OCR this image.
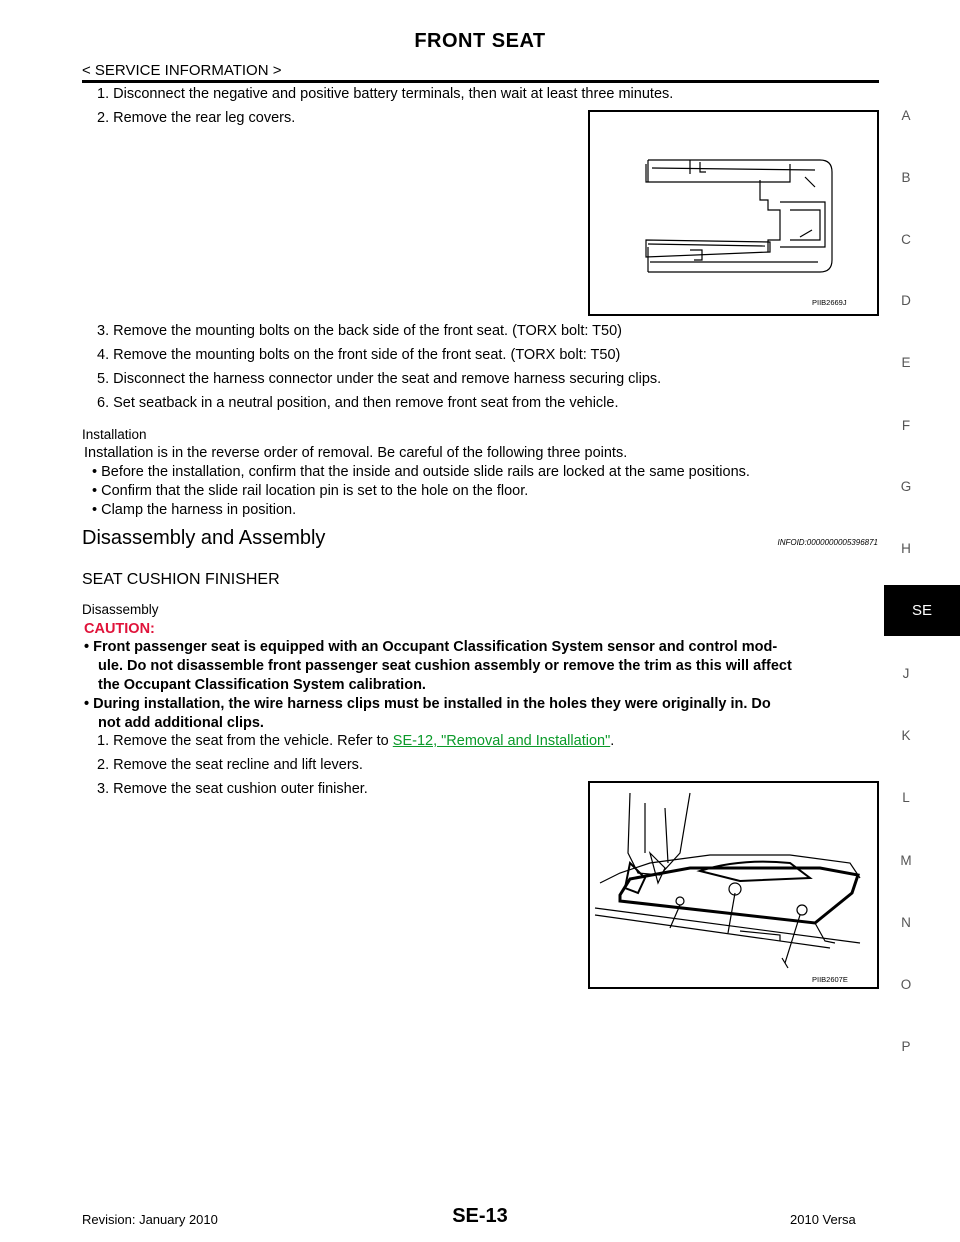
FRONT SEAT
< SERVICE INFORMATION >
1. Disconnect the negative and positive battery terminals, then wait at least three minutes.
2. Remove the rear leg covers.
PIIB2669J
3. Remove the mounting bolts on the back side of the front seat. (TORX bolt: T50)
4. Remove the mounting bolts on the front side of the front seat. (TORX bolt: T50)
5. Disconnect the harness connector under the seat and remove harness securing clips.
6. Set seatback in a neutral position, and then remove front seat from the vehicle.
Installation
Installation is in the reverse order of removal. Be careful of the following three points.
• Before the installation, confirm that the inside and outside slide rails are locked at the same positions.
• Confirm that the slide rail location pin is set to the hole on the floor.
• Clamp the harness in position.
Disassembly and Assembly	INFOID:0000000005396871
SEAT CUSHION FINISHER
Disassembly
CAUTION:
• Front passenger seat is equipped with an Occupant Classification System sensor and control mod-
ule. Do not disassemble front passenger seat cushion assembly or remove the trim as this will affect
the Occupant Classification System calibration.
• During installation, the wire harness clips must be installed in the holes they were originally in. Do
not add additional clips.
1. Remove the seat from the vehicle. Refer to SE-12, "Removal and Installation".
2. Remove the seat recline and lift levers.
3. Remove the seat cushion outer finisher.
PIIB2607E
A
B
C
D
E
F
G
H
SE
J
K
L
M
N
O
P
Revision: January 2010	SE-13	2010 Versa
